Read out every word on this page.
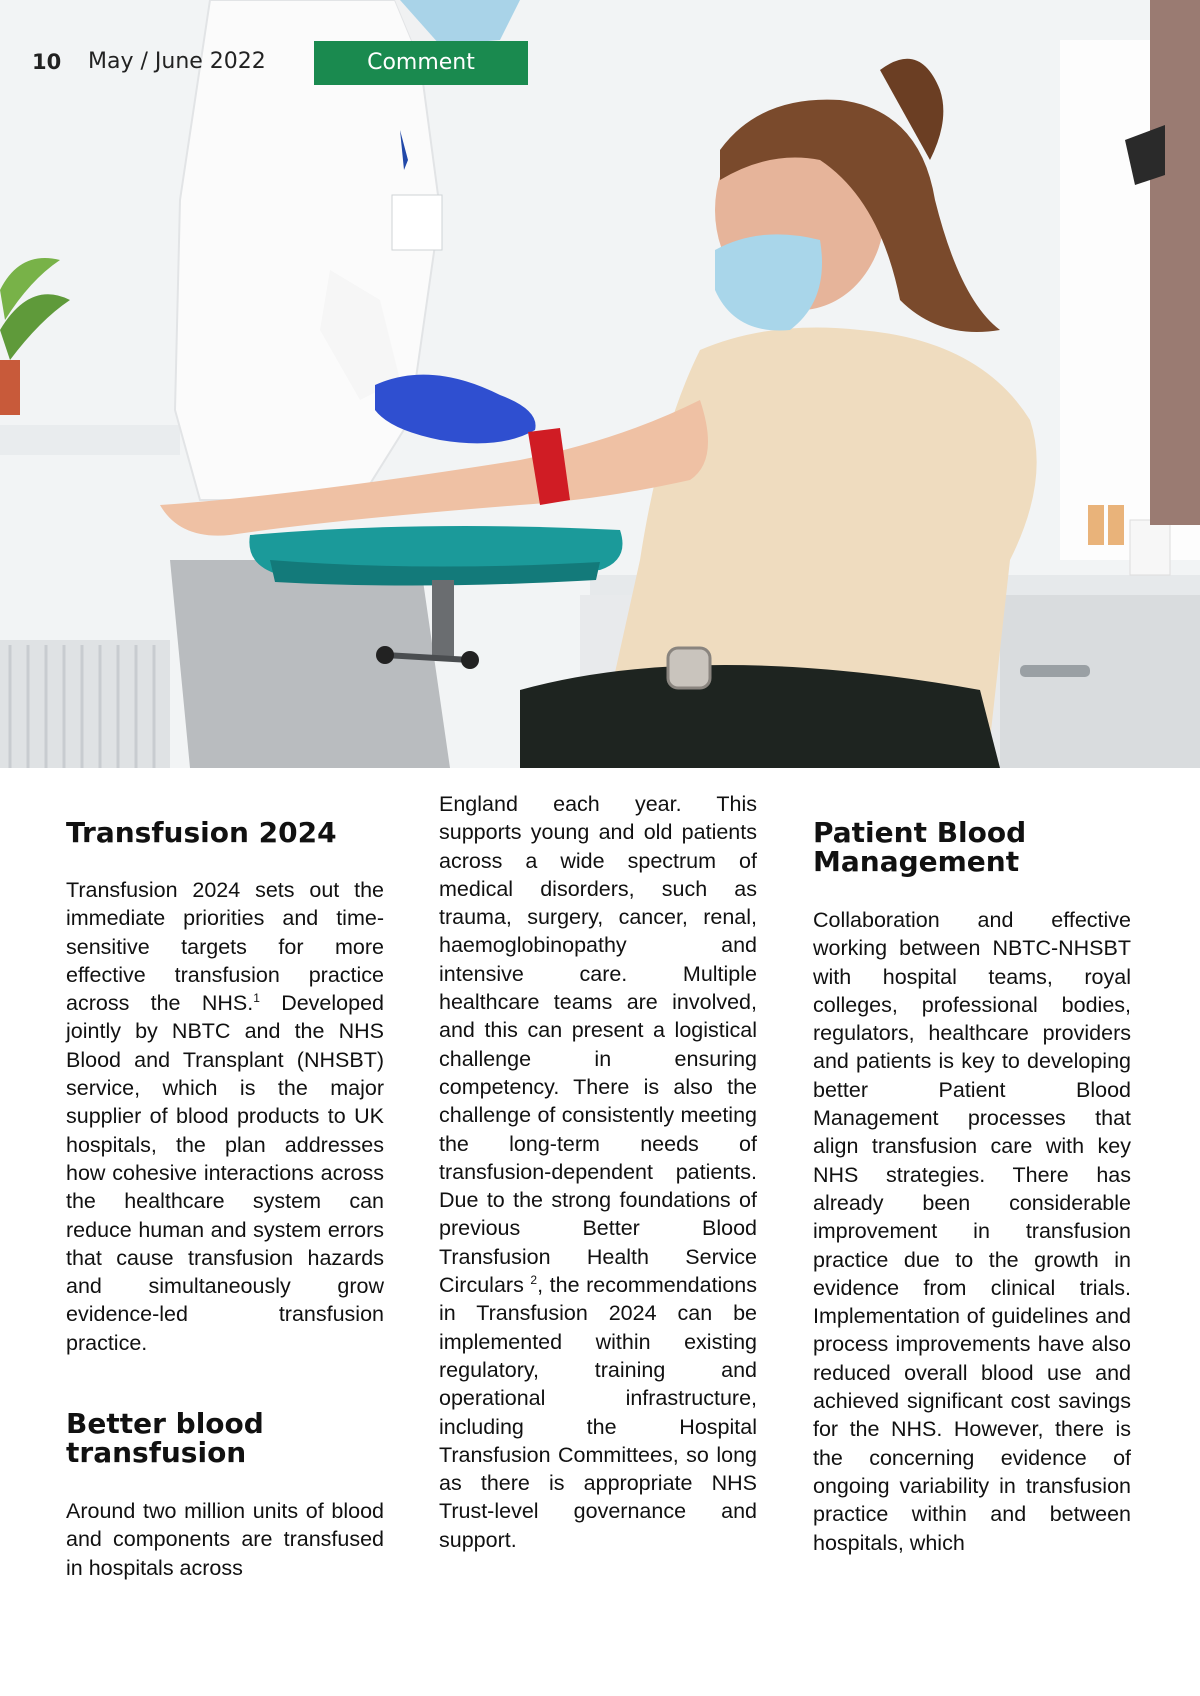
10 May / June 2022	Comment
Transfusion 2024

Transfusion 2024 sets out the immediate priorities and time-sensitive targets for more effective transfusion practice across the NHS.$^1$ Developed jointly by NBTC and the NHS Blood and Transplant (NHSBT) service, which is the major supplier of blood products to UK hospitals, the plan addresses how cohesive interactions across the healthcare system can reduce human and system errors that cause transfusion hazards and simultaneously grow evidence-led transfusion practice.

Better blood transfusion

Around two million units of blood and components are transfused in hospitals across

England each year. This supports young and old patients across a wide spectrum of medical disorders, such as trauma, surgery, cancer, renal, haemoglobinopathy and intensive care. Multiple healthcare teams are involved, and this can present a logistical challenge in ensuring competency. There is also the challenge of consistently meeting the long-term needs of transfusion-dependent patients. Due to the strong foundations of previous Better Blood Transfusion Health Service Circulars $^2$, the recommendations in Transfusion 2024 can be implemented within existing regulatory, training and operational infrastructure, including the Hospital Transfusion Committees, so long as there is appropriate NHS Trust-level governance and support.

Patient Blood Management

Collaboration and effective working between NBTC-NHSBT with hospital teams, royal colleges, professional bodies, regulators, healthcare providers and patients is key to developing better Patient Blood Management processes that align transfusion care with key NHS strategies. There has already been considerable improvement in transfusion practice due to the growth in evidence from clinical trials. Implementation of guidelines and process improvements have also reduced overall blood use and achieved significant cost savings for the NHS. However, there is the concerning evidence of ongoing variability in transfusion practice within and between hospitals, which
